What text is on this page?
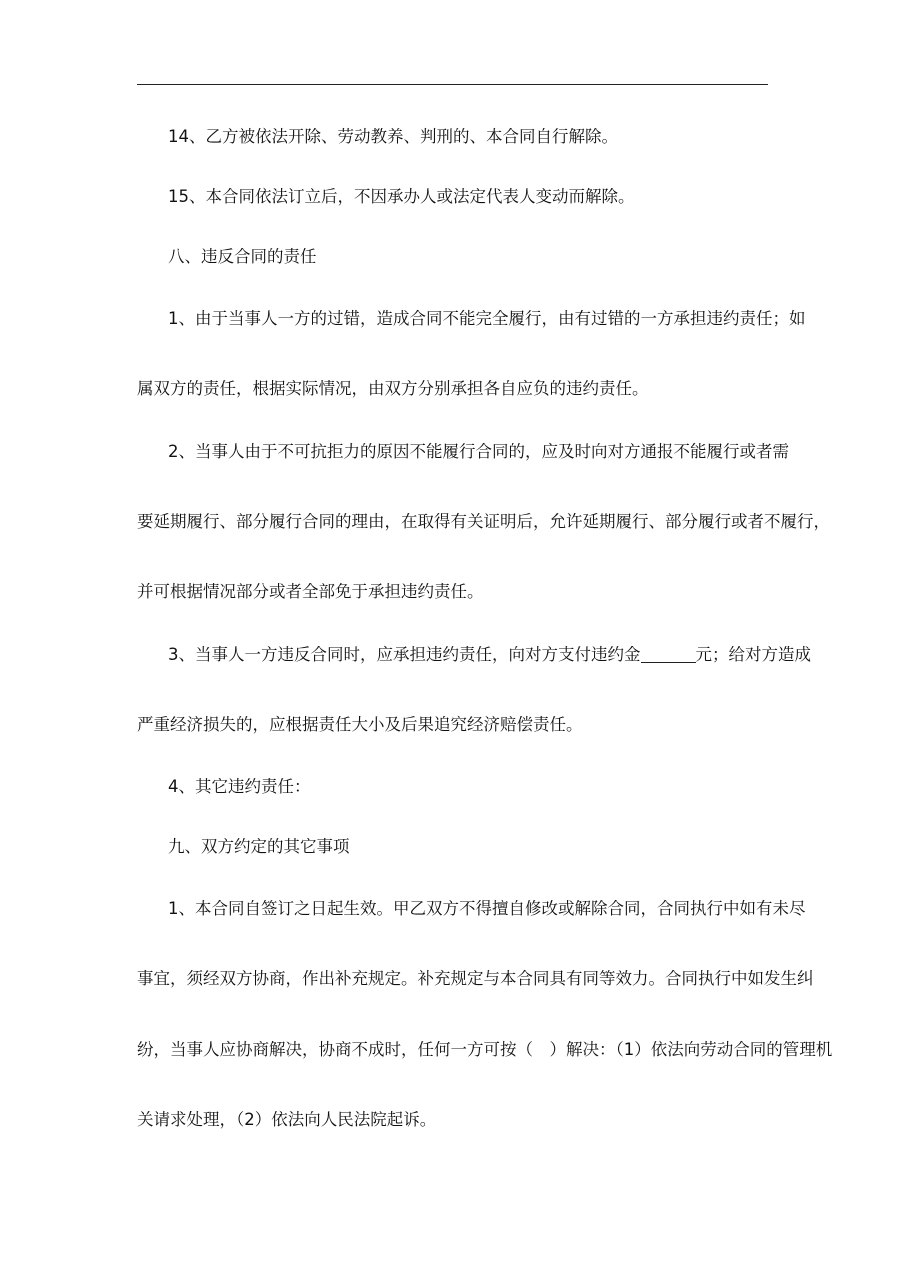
14、乙方被依法开除、劳动教养、判刑的、本合同自行解除。
15、本合同依法订立后，不因承办人或法定代表人变动而解除。
八、违反合同的责任
1、由于当事人一方的过错，造成合同不能完全履行，由有过错的一方承担违约责任；如
属双方的责任，根据实际情况，由双方分别承担各自应负的违约责任。
2、当事人由于不可抗拒力的原因不能履行合同的，应及时向对方通报不能履行或者需
要延期履行、部分履行合同的理由，在取得有关证明后，允许延期履行、部分履行或者不履行，
并可根据情况部分或者全部免于承担违约责任。
3、当事人一方违反合同时，应承担违约责任，向对方支付违约金	元；给对方造成
严重经济损失的，应根据责任大小及后果追究经济赔偿责任。
4、其它违约责任：
九、双方约定的其它事项
1、本合同自签订之日起生效。甲乙双方不得擅自修改或解除合同，合同执行中如有未尽
事宜，须经双方协商，作出补充规定。补充规定与本合同具有同等效力。合同执行中如发生纠
纷，当事人应协商解决，协商不成时，任何一方可按（　）解决：（1）依法向劳动合同的管理机
关请求处理，（2）依法向人民法院起诉。
